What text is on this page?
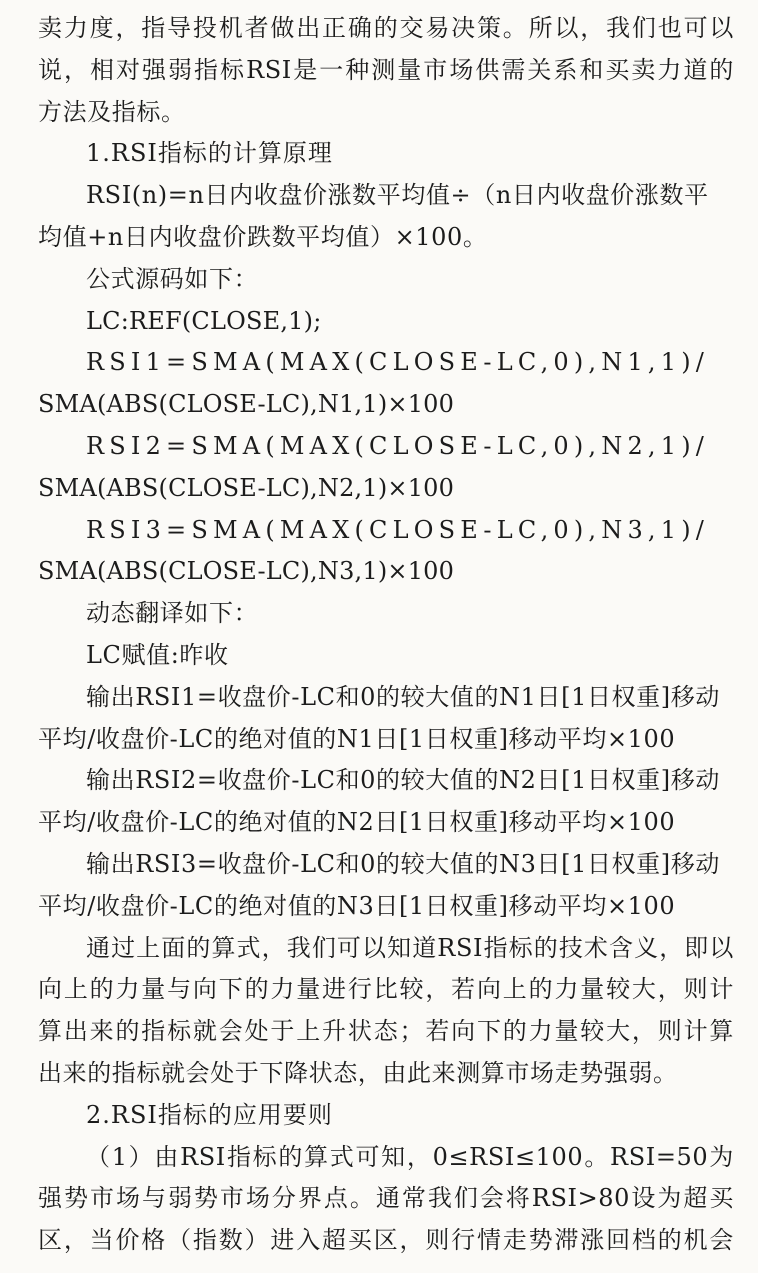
卖力度，指导投机者做出正确的交易决策。所以，我们也可以
说，相对强弱指标RSI是一种测量市场供需关系和买卖力道的
方法及指标。
1.RSI指标的计算原理
RSI(n)=n日内收盘价涨数平均值÷（n日内收盘价涨数平
均值+n日内收盘价跌数平均值）×100。
公式源码如下：
LC:REF(CLOSE,1);
RSI1=SMA(MAX(CLOSE-LC,0),N1,1)/
SMA(ABS(CLOSE-LC),N1,1)×100
RSI2=SMA(MAX(CLOSE-LC,0),N2,1)/
SMA(ABS(CLOSE-LC),N2,1)×100
RSI3=SMA(MAX(CLOSE-LC,0),N3,1)/
SMA(ABS(CLOSE-LC),N3,1)×100
动态翻译如下：
LC赋值:昨收
输出RSI1=收盘价-LC和0的较大值的N1日[1日权重]移动
平均/收盘价-LC的绝对值的N1日[1日权重]移动平均×100
输出RSI2=收盘价-LC和0的较大值的N2日[1日权重]移动
平均/收盘价-LC的绝对值的N2日[1日权重]移动平均×100
输出RSI3=收盘价-LC和0的较大值的N3日[1日权重]移动
平均/收盘价-LC的绝对值的N3日[1日权重]移动平均×100
通过上面的算式，我们可以知道RSI指标的技术含义，即以
向上的力量与向下的力量进行比较，若向上的力量较大，则计
算出来的指标就会处于上升状态；若向下的力量较大，则计算
出来的指标就会处于下降状态，由此来测算市场走势强弱。
2.RSI指标的应用要则
（1）由RSI指标的算式可知，0≤RSI≤100。RSI=50为
强势市场与弱势市场分界点。通常我们会将RSI>80设为超买
区，当价格（指数）进入超买区，则行情走势滞涨回档的机会
